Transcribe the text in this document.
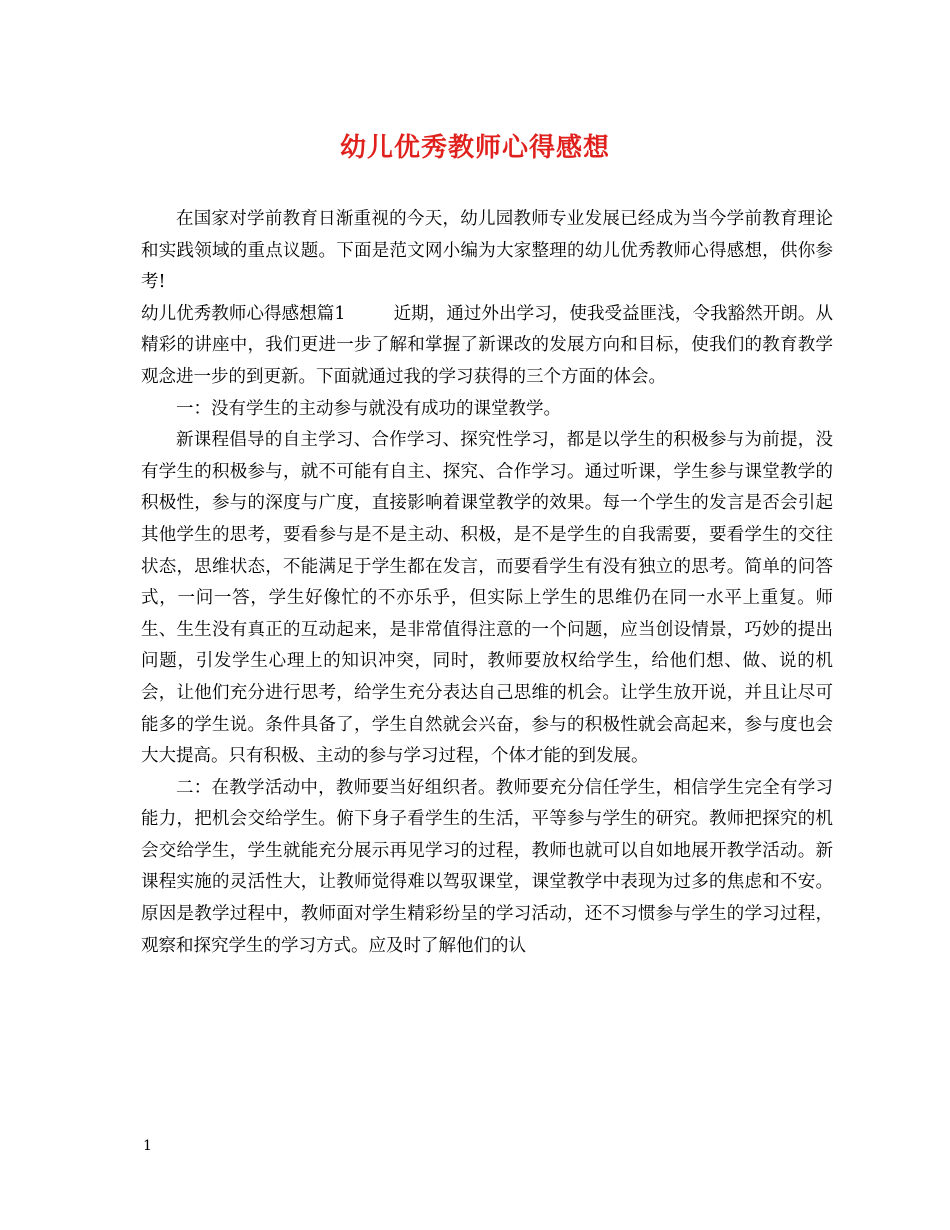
幼儿优秀教师心得感想

在国家对学前教育日渐重视的今天，幼儿园教师专业发展已经成为当今学前教育理论和实践领域的重点议题。下面是范文网小编为大家整理的幼儿优秀教师心得感想，供你参考!

幼儿优秀教师心得感想篇1	近期，通过外出学习，使我受益匪浅，令我豁然开朗。从精彩的讲座中，我们更进一步了解和掌握了新课改的发展方向和目标，使我们的教育教学观念进一步的到更新。下面就通过我的学习获得的三个方面的体会。

一：没有学生的主动参与就没有成功的课堂教学。

新课程倡导的自主学习、合作学习、探究性学习，都是以学生的积极参与为前提，没有学生的积极参与，就不可能有自主、探究、合作学习。通过听课，学生参与课堂教学的积极性，参与的深度与广度，直接影响着课堂教学的效果。每一个学生的发言是否会引起其他学生的思考，要看参与是不是主动、积极，是不是学生的自我需要，要看学生的交往状态，思维状态，不能满足于学生都在发言，而要看学生有没有独立的思考。简单的问答式，一问一答，学生好像忙的不亦乐乎，但实际上学生的思维仍在同一水平上重复。师生、生生没有真正的互动起来，是非常值得注意的一个问题，应当创设情景，巧妙的提出问题，引发学生心理上的知识冲突，同时，教师要放权给学生，给他们想、做、说的机会，让他们充分进行思考，给学生充分表达自己思维的机会。让学生放开说，并且让尽可能多的学生说。条件具备了，学生自然就会兴奋，参与的积极性就会高起来，参与度也会大大提高。只有积极、主动的参与学习过程，个体才能的到发展。

二：在教学活动中，教师要当好组织者。教师要充分信任学生，相信学生完全有学习能力，把机会交给学生。俯下身子看学生的生活，平等参与学生的研究。教师把探究的机会交给学生，学生就能充分展示再见学习的过程，教师也就可以自如地展开教学活动。新课程实施的灵活性大，让教师觉得难以驾驭课堂，课堂教学中表现为过多的焦虑和不安。原因是教学过程中，教师面对学生精彩纷呈的学习活动，还不习惯参与学生的学习过程，观察和探究学生的学习方式。应及时了解他们的认

1
